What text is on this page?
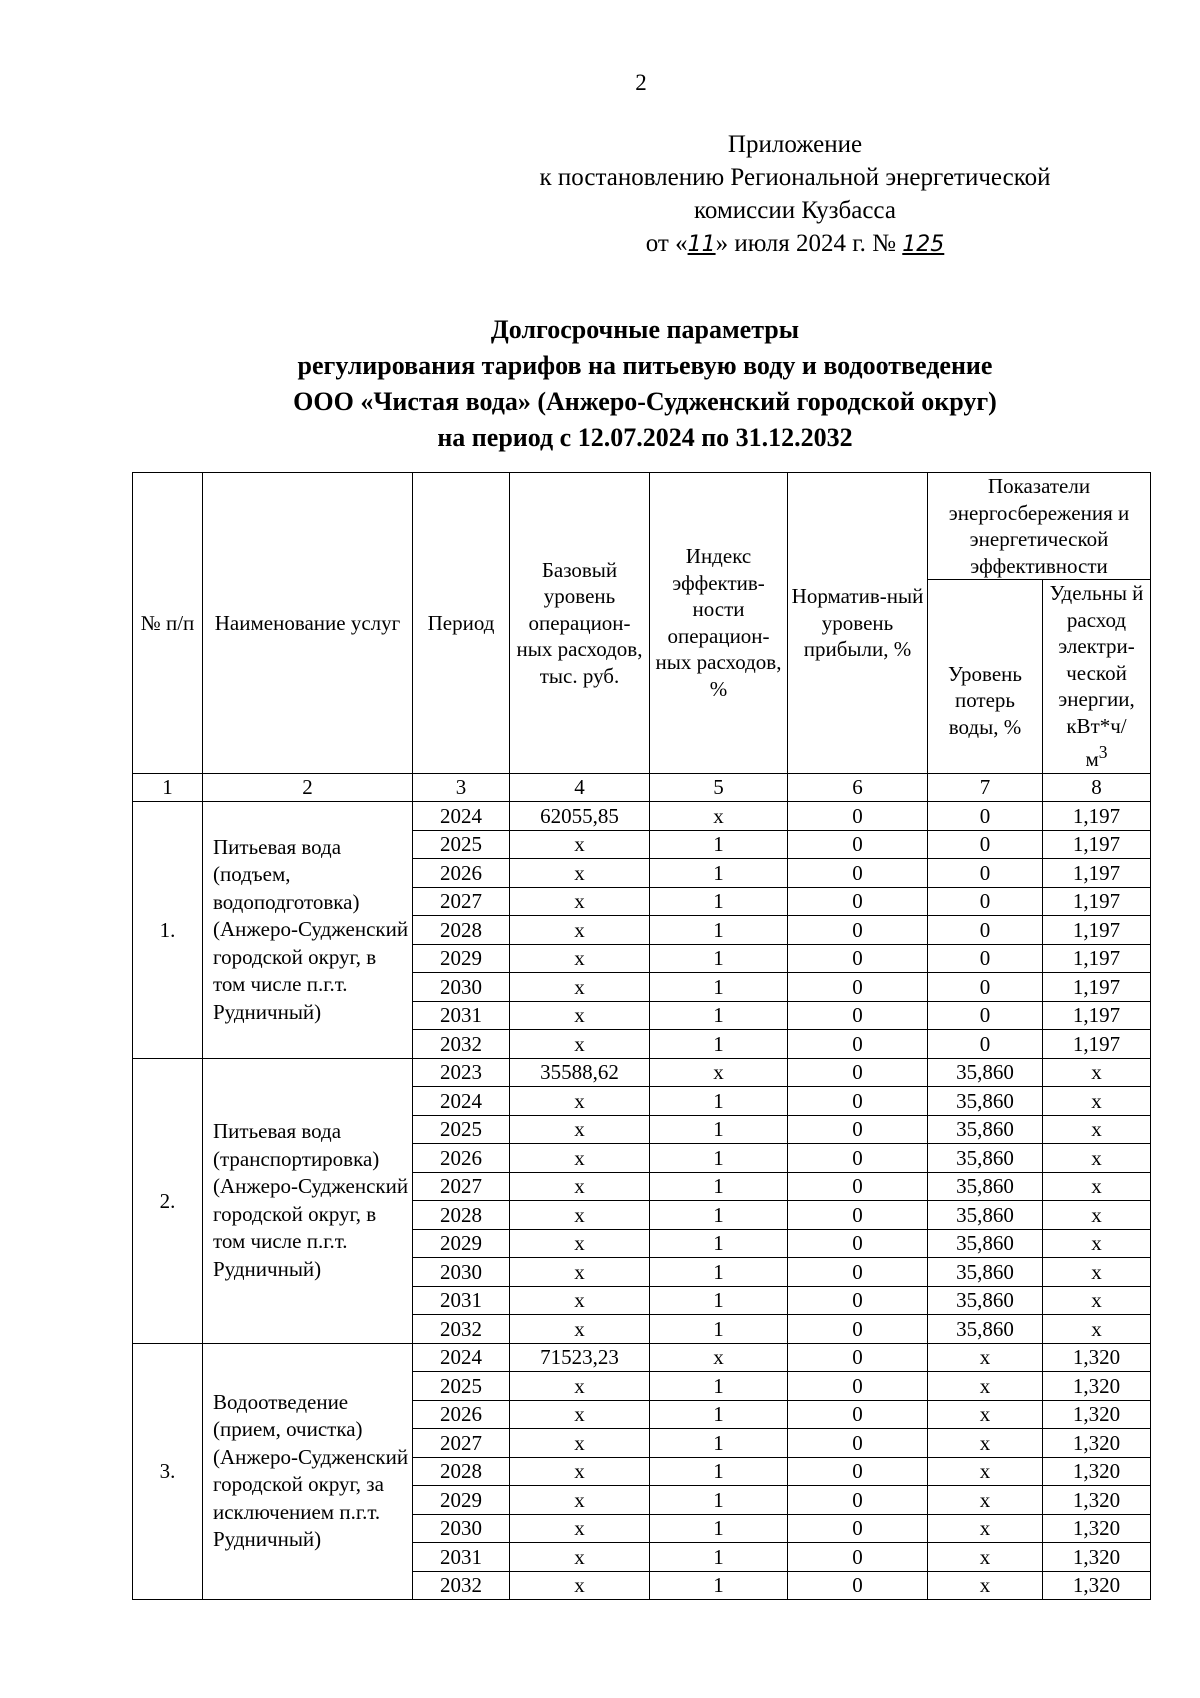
2
Приложение
к постановлению Региональной энергетической
комиссии Кузбасса
от «11» июля 2024 г. № 125
Долгосрочные параметры
регулирования тарифов на питьевую воду и водоотведение
ООО «Чистая вода» (Анжеро-Судженский городской округ)
на период с 12.07.2024 по 31.12.2032
№ п/п	Наименование услуг	Период	Базовый уровень операцион-ных расходов, тыс. руб.	Индекс эффектив-ности операцион-ных расходов, %	Норматив-ный уровень прибыли, %	Показатели энергосбережения и энергетической эффективности	
						Уровень потерь воды, %	Удельны й расход электри-ческой энергии, кВт*ч/
$м^3$
1	2	3	4	5	6	7	8
1.	Питьевая вода (подъем, водоподготовка) (Анжеро-Судженский городской округ, в том числе п.г.т. Рудничный)	2024	62055,85	х	0	0	1,197
		2025	х	1	0	0	1,197
		2026	х	1	0	0	1,197
		2027	х	1	0	0	1,197
		2028	х	1	0	0	1,197
		2029	х	1	0	0	1,197
		2030	х	1	0	0	1,197
		2031	х	1	0	0	1,197
		2032	х	1	0	0	1,197
2.	Питьевая вода (транспортировка) (Анжеро-Судженский городской округ, в том числе п.г.т. Рудничный)	2023	35588,62	х	0	35,860	х
		2024	х	1	0	35,860	х
		2025	х	1	0	35,860	х
		2026	х	1	0	35,860	х
		2027	х	1	0	35,860	х
		2028	х	1	0	35,860	х
		2029	х	1	0	35,860	х
		2030	х	1	0	35,860	х
		2031	х	1	0	35,860	х
		2032	х	1	0	35,860	х
3.	Водоотведение (прием, очистка) (Анжеро-Судженский городской округ, за исключением п.г.т. Рудничный)	2024	71523,23	х	0	х	1,320
		2025	х	1	0	х	1,320
		2026	х	1	0	х	1,320
		2027	х	1	0	х	1,320
		2028	х	1	0	х	1,320
		2029	х	1	0	х	1,320
		2030	х	1	0	х	1,320
		2031	х	1	0	х	1,320
		2032	х	1	0	х	1,320
